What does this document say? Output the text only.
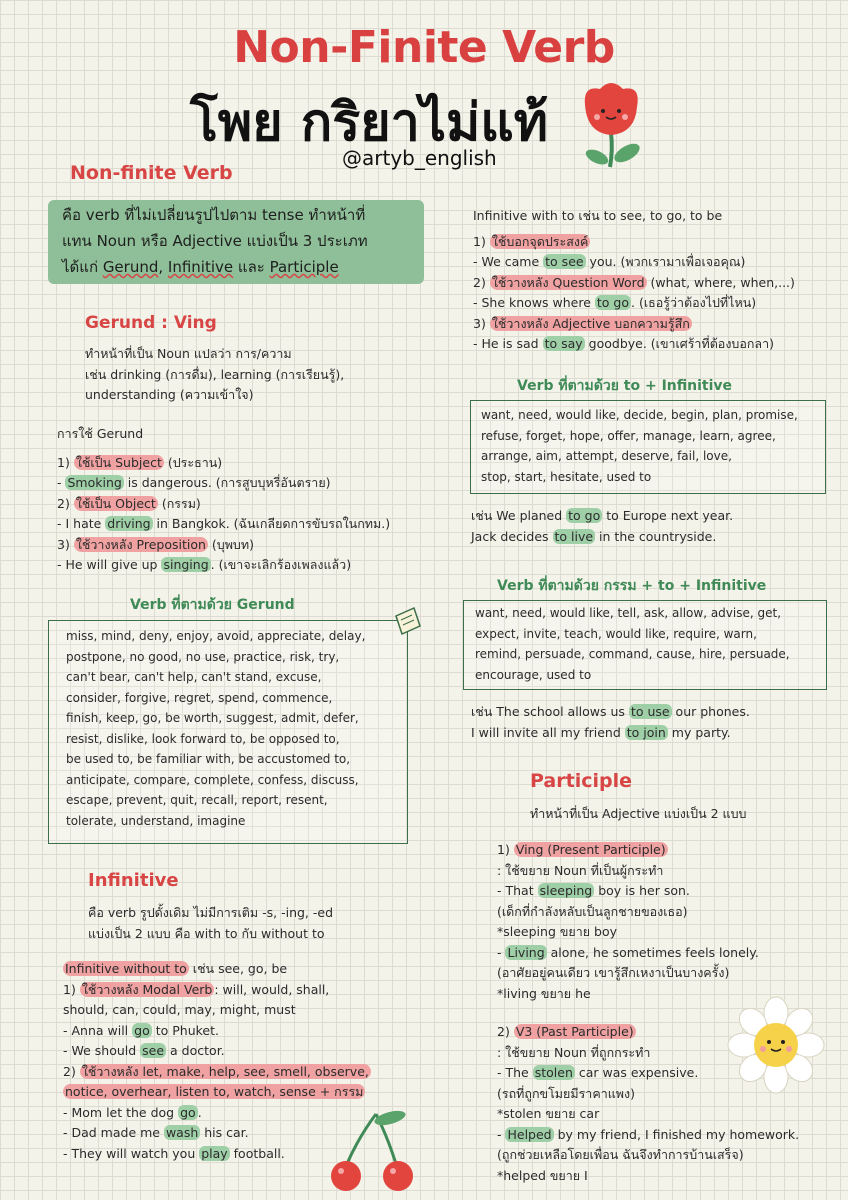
Non-Finite Verb
โพย กริยาไม่แท้
@artyb_english
Non-finite Verb
คือ verb ที่ไม่เปลี่ยนรูปไปตาม tense ทำหน้าที่
แทน Noun หรือ Adjective แบ่งเป็น 3 ประเภท
ได้แก่ Gerund, Infinitive และ Participle
Gerund : Ving
ทำหน้าที่เป็น Noun แปลว่า การ/ความ
เช่น drinking (การดื่ม), learning (การเรียนรู้),
understanding (ความเข้าใจ)
การใช้ Gerund
1) ใช้เป็น Subject (ประธาน)
- Smoking is dangerous. (การสูบบุหรี่อันตราย)
2) ใช้เป็น Object (กรรม)
- I hate driving in Bangkok. (ฉันเกลียดการขับรถในกทม.)
3) ใช้วางหลัง Preposition (บุพบท)
- He will give up singing . (เขาจะเลิกร้องเพลงแล้ว)
Verb ที่ตามด้วย Gerund
miss, mind, deny, enjoy, avoid, appreciate, delay,
postpone, no good, no use, practice, risk, try,
can't bear, can't help, can't stand, excuse,
consider, forgive, regret, spend, commence,
finish, keep, go, be worth, suggest, admit, defer,
resist, dislike, look forward to, be opposed to,
be used to, be familiar with, be accustomed to,
anticipate, compare, complete, confess, discuss,
escape, prevent, quit, recall, report, resent,
tolerate, understand, imagine
Infinitive
คือ verb รูปดั้งเดิม ไม่มีการเติม -s, -ing, -ed
แบ่งเป็น 2 แบบ คือ with to กับ without to
Infinitive without to เช่น see, go, be
1) ใช้วางหลัง Modal Verb : will, would, shall,
should, can, could, may, might, must
- Anna will go to Phuket.
- We should see a doctor.
2) ใช้วางหลัง let, make, help, see, smell, observe,
notice, overhear, listen to, watch, sense + กรรม
- Mom let the dog go .
- Dad made me wash his car.
- They will watch you play football.
Infinitive with to เช่น to see, to go, to be
1) ใช้บอกจุดประสงค์
- We came to see you. (พวกเรามาเพื่อเจอคุณ)
2) ใช้วางหลัง Question Word (what, where, when,...)
- She knows where to go . (เธอรู้ว่าต้องไปที่ไหน)
3) ใช้วางหลัง Adjective บอกความรู้สึก
- He is sad to say goodbye. (เขาเศร้าที่ต้องบอกลา)
Verb ที่ตามด้วย to + Infinitive
want, need, would like, decide, begin, plan, promise,
refuse, forget, hope, offer, manage, learn, agree,
arrange, aim, attempt, deserve, fail, love,
stop, start, hesitate, used to
เช่น We planed to go to Europe next year.
Jack decides to live in the countryside.
Verb ที่ตามด้วย กรรม + to + Infinitive
want, need, would like, tell, ask, allow, advise, get,
expect, invite, teach, would like, require, warn,
remind, persuade, command, cause, hire, persuade,
encourage, used to
เช่น The school allows us to use our phones.
I will invite all my friend to join my party.
Participle
ทำหน้าที่เป็น Adjective แบ่งเป็น 2 แบบ
1) Ving (Present Participle)
: ใช้ขยาย Noun ที่เป็นผู้กระทำ
- That sleeping boy is her son.
(เด็กที่กำลังหลับเป็นลูกชายของเธอ)
*sleeping ขยาย boy
- Living alone, he sometimes feels lonely.
(อาศัยอยู่คนเดียว เขารู้สึกเหงาเป็นบางครั้ง)
*living ขยาย he
2) V3 (Past Participle)
: ใช้ขยาย Noun ที่ถูกกระทำ
- The stolen car was expensive.
(รถที่ถูกขโมยมีราคาแพง)
*stolen ขยาย car
- Helped by my friend, I finished my homework.
(ถูกช่วยเหลือโดยเพื่อน ฉันจึงทำการบ้านเสร็จ)
*helped ขยาย I
